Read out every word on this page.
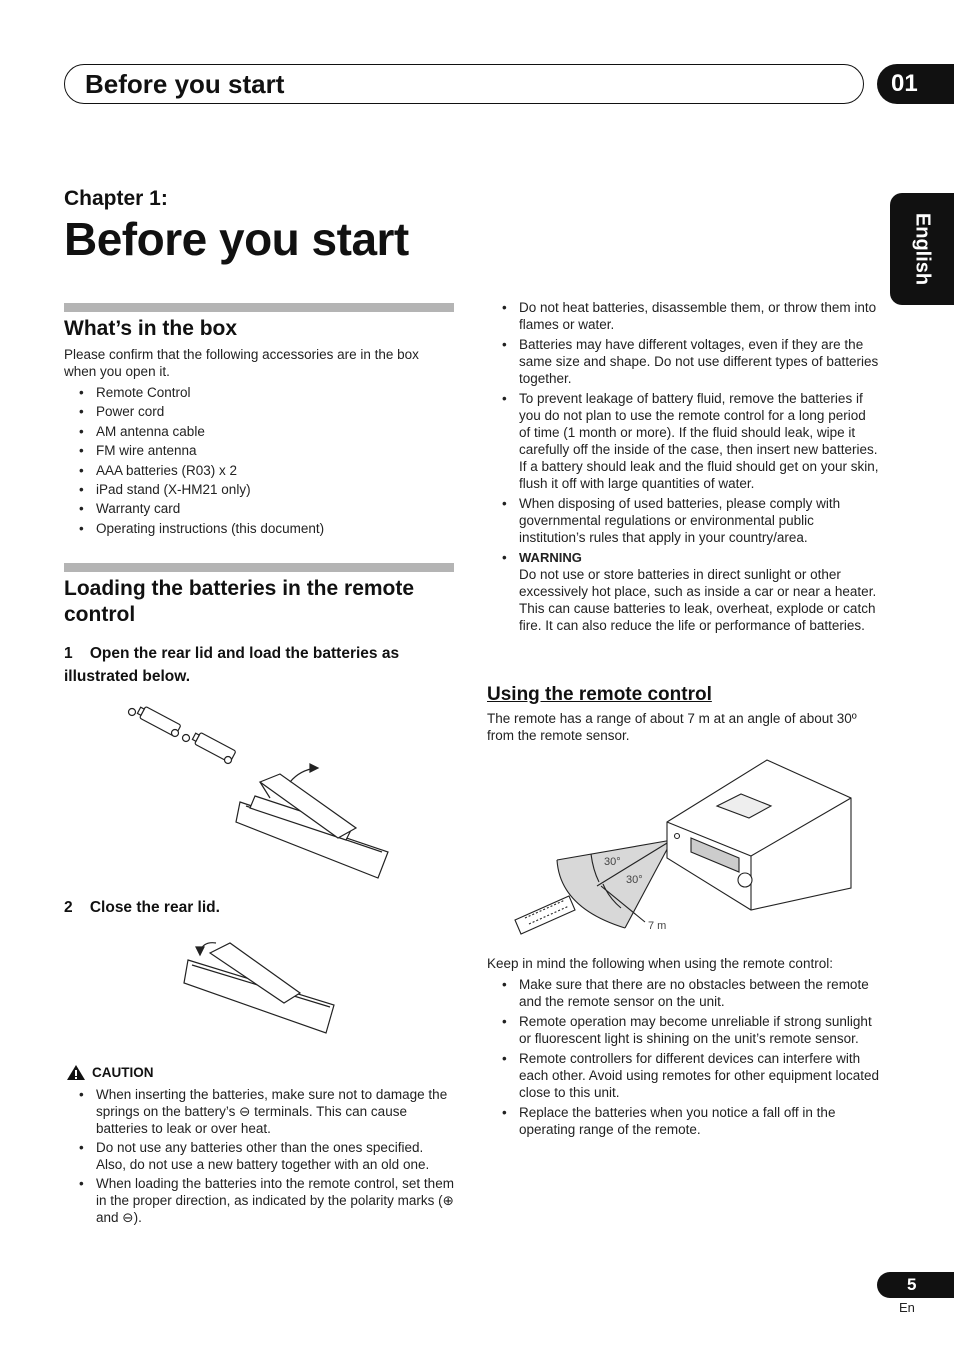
Before you start	01
English
Chapter 1:
Before you start
What’s in the box
Please confirm that the following accessories are in the box when you open it.
• Remote Control
• Power cord
• AM antenna cable
• FM wire antenna
• AAA batteries (R03) x 2
• iPad stand (X-HM21 only)
• Warranty card
• Operating instructions (this document)
Loading the batteries in the remote control
1    Open the rear lid and load the batteries as illustrated below.
2    Close the rear lid.
CAUTION
• When inserting the batteries, make sure not to damage the springs on the battery’s ⊖ terminals. This can cause batteries to leak or over heat.
• Do not use any batteries other than the ones specified. Also, do not use a new battery together with an old one.
• When loading the batteries into the remote control, set them in the proper direction, as indicated by the polarity marks (⊕ and ⊖).
• Do not heat batteries, disassemble them, or throw them into flames or water.
• Batteries may have different voltages, even if they are the same size and shape. Do not use different types of batteries together.
• To prevent leakage of battery fluid, remove the batteries if you do not plan to use the remote control for a long period of time (1 month or more). If the fluid should leak, wipe it carefully off the inside of the case, then insert new batteries. If a battery should leak and the fluid should get on your skin, flush it off with large quantities of water.
• When disposing of used batteries, please comply with governmental regulations or environmental public institution’s rules that apply in your country/area.
• WARNING
Do not use or store batteries in direct sunlight or other excessively hot place, such as inside a car or near a heater. This can cause batteries to leak, overheat, explode or catch fire. It can also reduce the life or performance of batteries.
Using the remote control
The remote has a range of about 7 m at an angle of about 30º from the remote sensor.
30°
30°
7 m
Keep in mind the following when using the remote control:
• Make sure that there are no obstacles between the remote and the remote sensor on the unit.
• Remote operation may become unreliable if strong sunlight or fluorescent light is shining on the unit’s remote sensor.
• Remote controllers for different devices can interfere with each other. Avoid using remotes for other equipment located close to this unit.
• Replace the batteries when you notice a fall off in the operating range of the remote.
5
En
